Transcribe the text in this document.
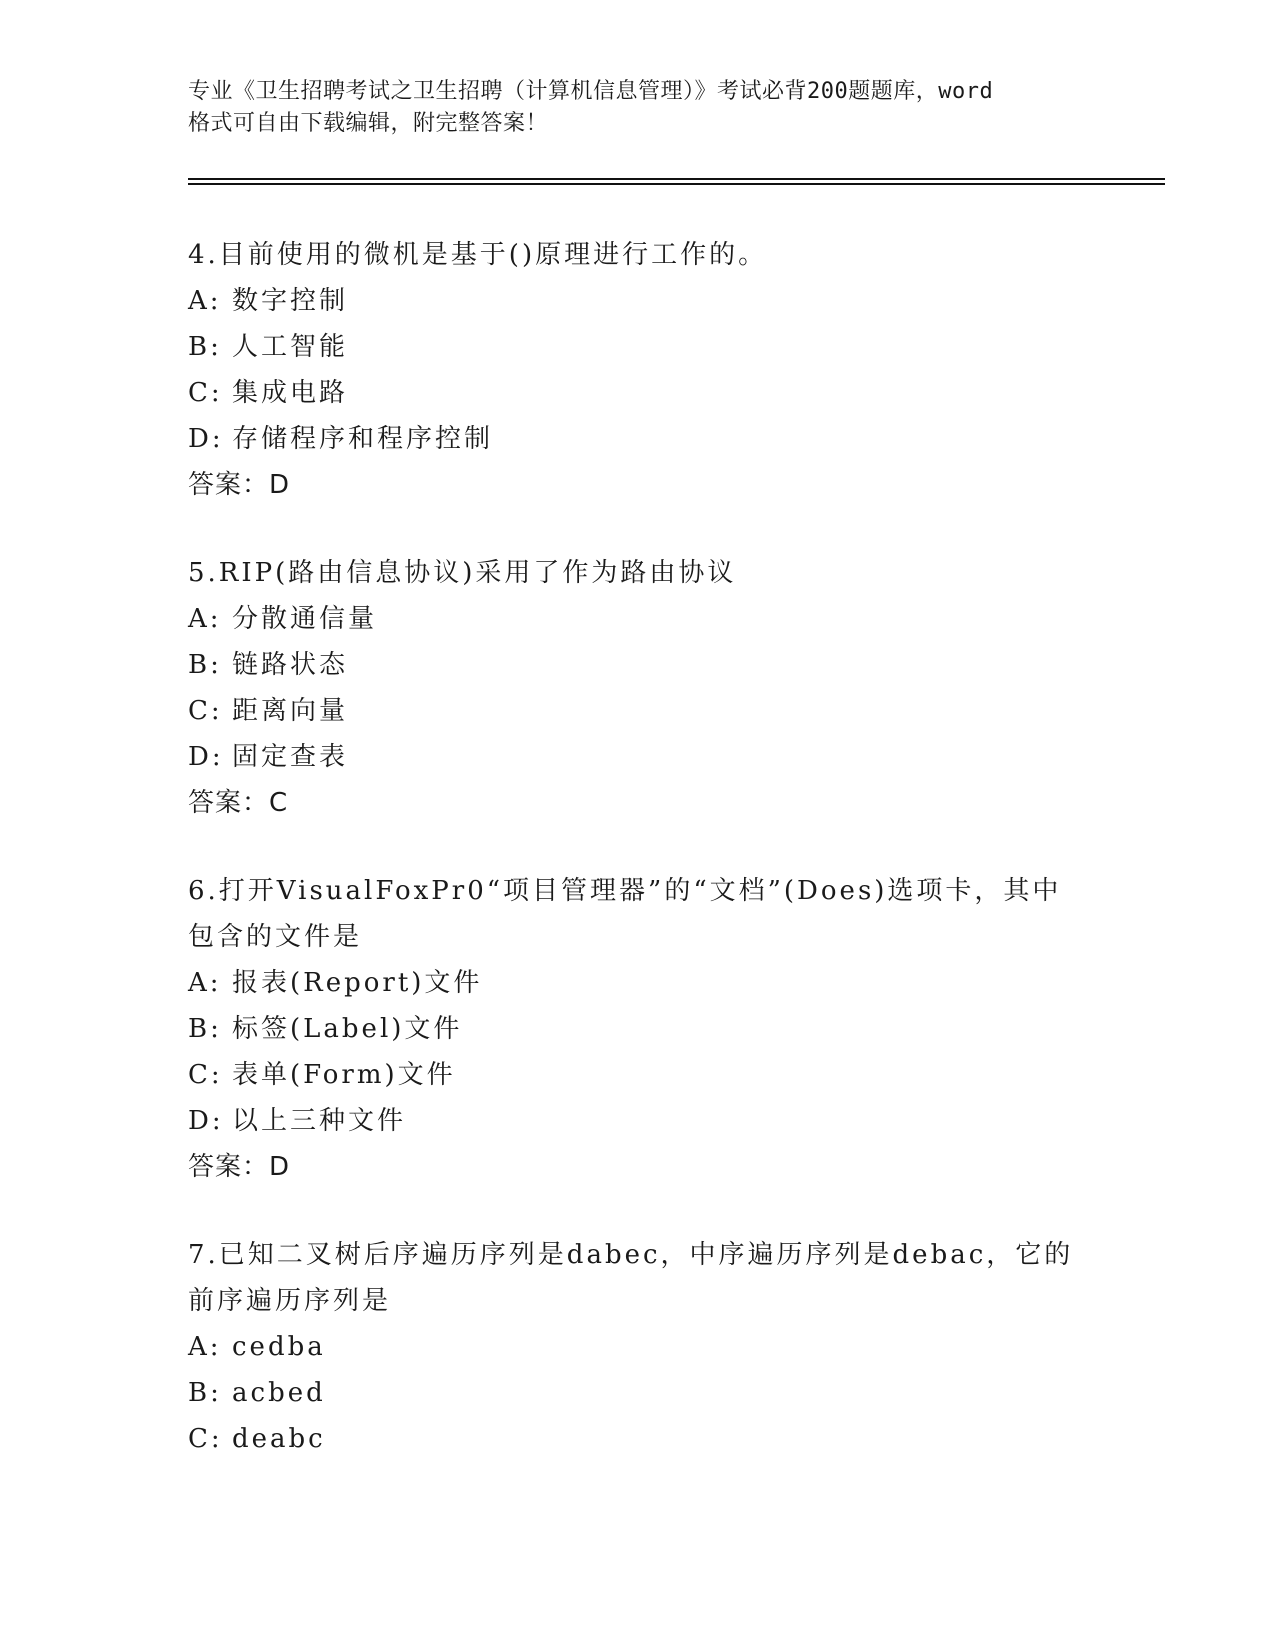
专业《卫生招聘考试之卫生招聘（计算机信息管理）》考试必背200题题库，word
格式可自由下载编辑，附完整答案！
4.目前使用的微机是基于()原理进行工作的。
A: 数字控制
B: 人工智能
C: 集成电路
D: 存储程序和程序控制
答案：D
5.RIP(路由信息协议)采用了作为路由协议
A: 分散通信量
B: 链路状态
C: 距离向量
D: 固定查表
答案：C
6.打开VisualFoxPr0“项目管理器”的“文档”(Does)选项卡，其中包含的文件是
A: 报表(Report)文件
B: 标签(Label)文件
C: 表单(Form)文件
D: 以上三种文件
答案：D
7.已知二叉树后序遍历序列是dabec，中序遍历序列是debac，它的前序遍历序列是
A: cedba
B: acbed
C: deabc
